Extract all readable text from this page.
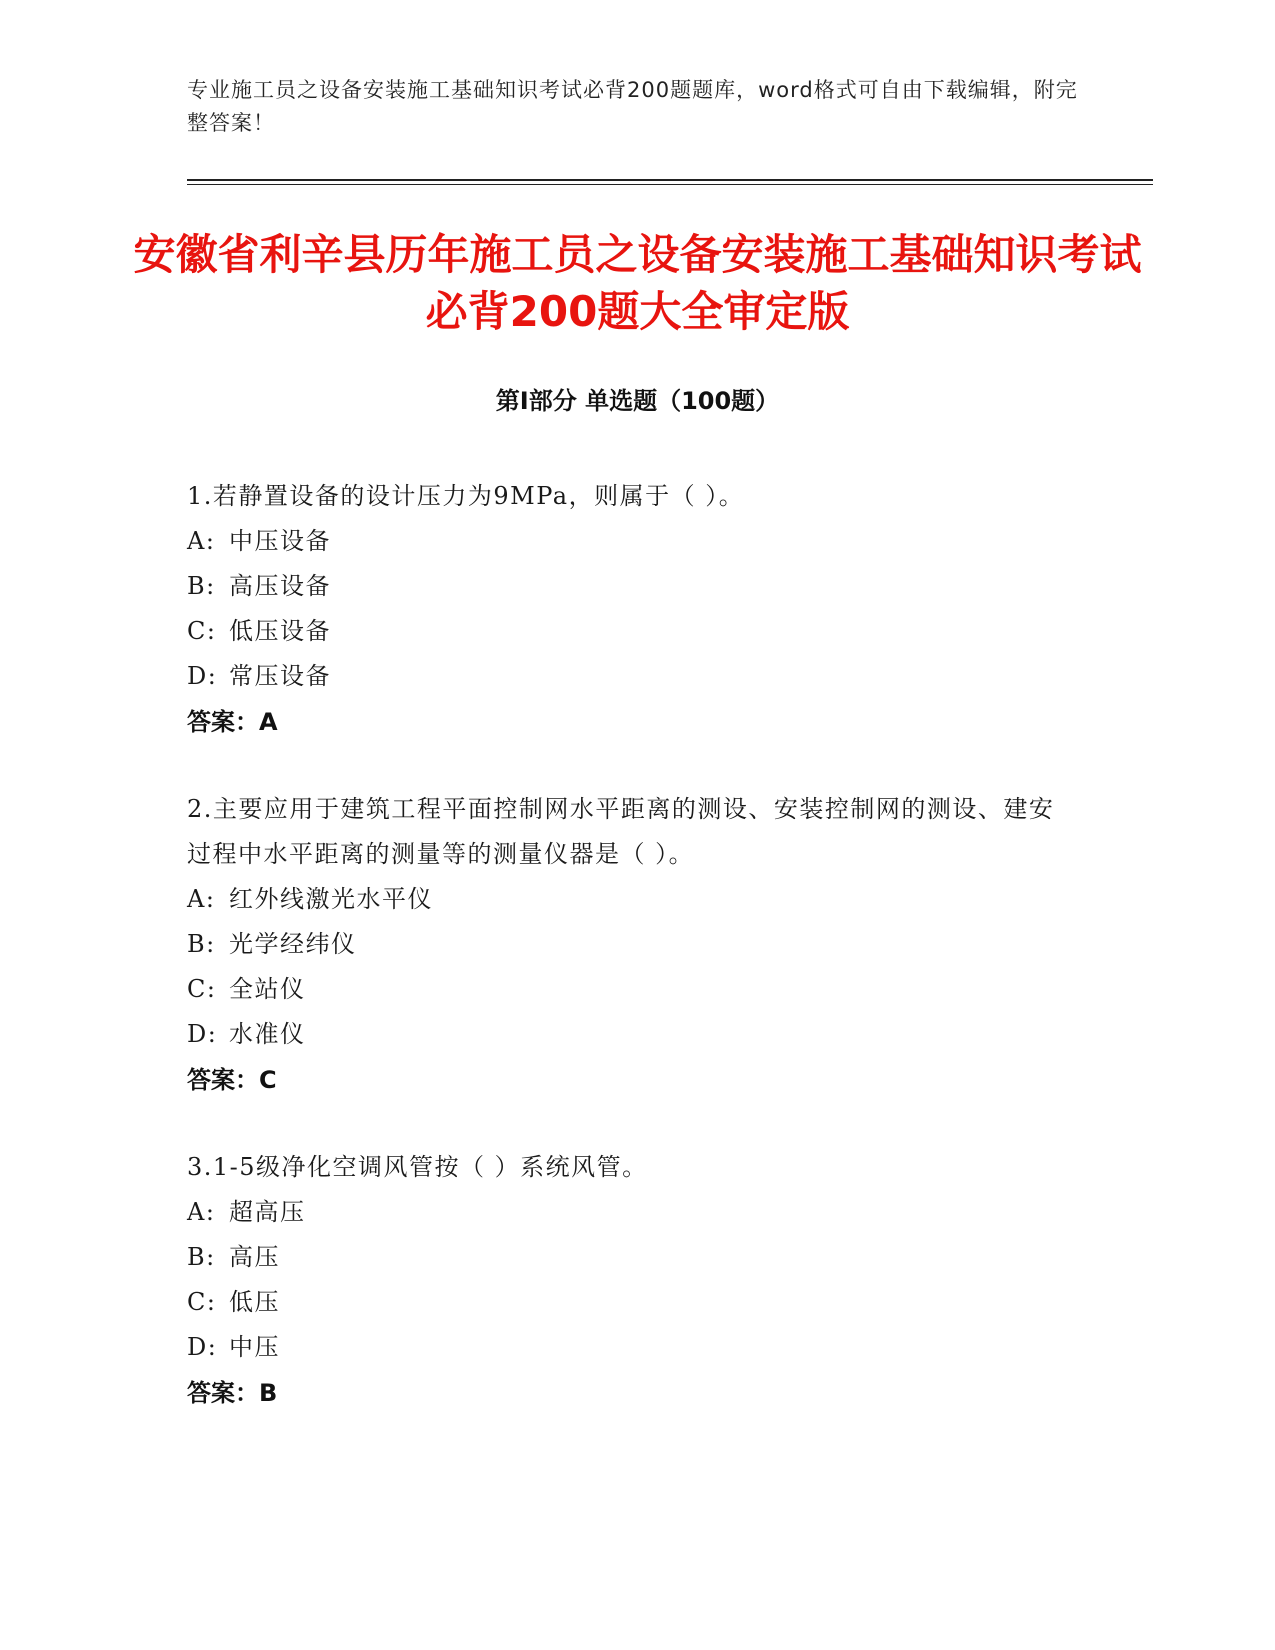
专业施工员之设备安装施工基础知识考试必背200题题库，word格式可自由下载编辑，附完整答案！
安徽省利辛县历年施工员之设备安装施工基础知识考试必背200题大全审定版
第Ⅰ部分 单选题（100题）

1.若静置设备的设计压力为9MPa，则属于（ ）。

A: 中压设备

B: 高压设备

C: 低压设备

D: 常压设备

答案：A

2.主要应用于建筑工程平面控制网水平距离的测设、安装控制网的测设、建安过程中水平距离的测量等的测量仪器是（ ）。

A: 红外线激光水平仪

B: 光学经纬仪

C: 全站仪

D: 水准仪

答案：C

3.1-5级净化空调风管按（ ）系统风管。

A: 超高压

B: 高压

C: 低压

D: 中压

答案：B
